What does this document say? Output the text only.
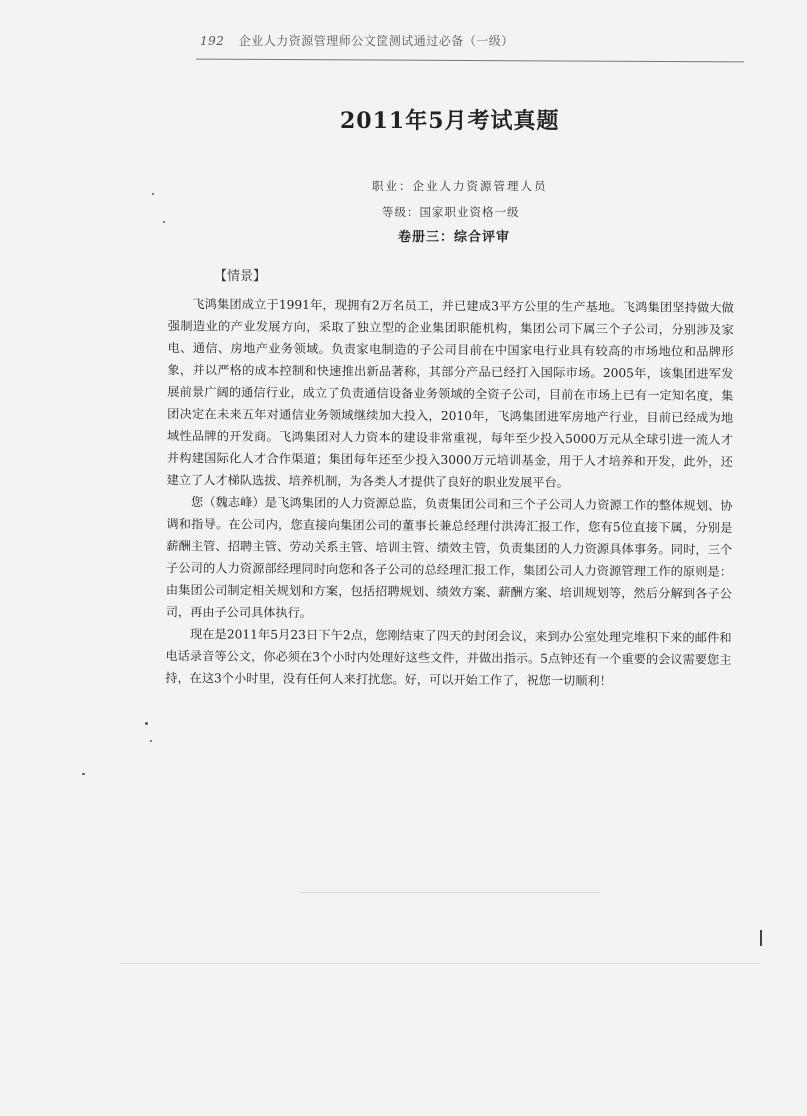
192 企业人力资源管理师公文筐测试通过必备（一级）
2011年5月考试真题
职业：企业人力资源管理人员
等级：国家职业资格一级
卷册三：综合评审
【情景】

飞鸿集团成立于1991年，现拥有2万名员工，并已建成3平方公里的生产基地。飞鸿集团坚持做大做强制造业的产业发展方向，采取了独立型的企业集团职能机构，集团公司下属三个子公司，分别涉及家电、通信、房地产业务领域。负责家电制造的子公司目前在中国家电行业具有较高的市场地位和品牌形象，并以严格的成本控制和快速推出新品著称，其部分产品已经打入国际市场。2005年，该集团进军发展前景广阔的通信行业，成立了负责通信设备业务领域的全资子公司，目前在市场上已有一定知名度，集团决定在未来五年对通信业务领域继续加大投入，2010年，飞鸿集团进军房地产行业，目前已经成为地域性品牌的开发商。飞鸿集团对人力资本的建设非常重视，每年至少投入5000万元从全球引进一流人才并构建国际化人才合作渠道；集团每年还至少投入3000万元培训基金，用于人才培养和开发，此外，还建立了人才梯队选拔、培养机制，为各类人才提供了良好的职业发展平台。

您（魏志峰）是飞鸿集团的人力资源总监，负责集团公司和三个子公司人力资源工作的整体规划、协调和指导。在公司内，您直接向集团公司的董事长兼总经理付洪涛汇报工作，您有5位直接下属，分别是薪酬主管、招聘主管、劳动关系主管、培训主管、绩效主管，负责集团的人力资源具体事务。同时，三个子公司的人力资源部经理同时向您和各子公司的总经理汇报工作，集团公司人力资源管理工作的原则是：由集团公司制定相关规划和方案，包括招聘规划、绩效方案、薪酬方案、培训规划等，然后分解到各子公司，再由子公司具体执行。

现在是2011年5月23日下午2点，您刚结束了四天的封闭会议，来到办公室处理完堆积下来的邮件和电话录音等公文，你必须在3个小时内处理好这些文件，并做出指示。5点钟还有一个重要的会议需要您主持，在这3个小时里，没有任何人来打扰您。好，可以开始工作了，祝您一切顺利！
